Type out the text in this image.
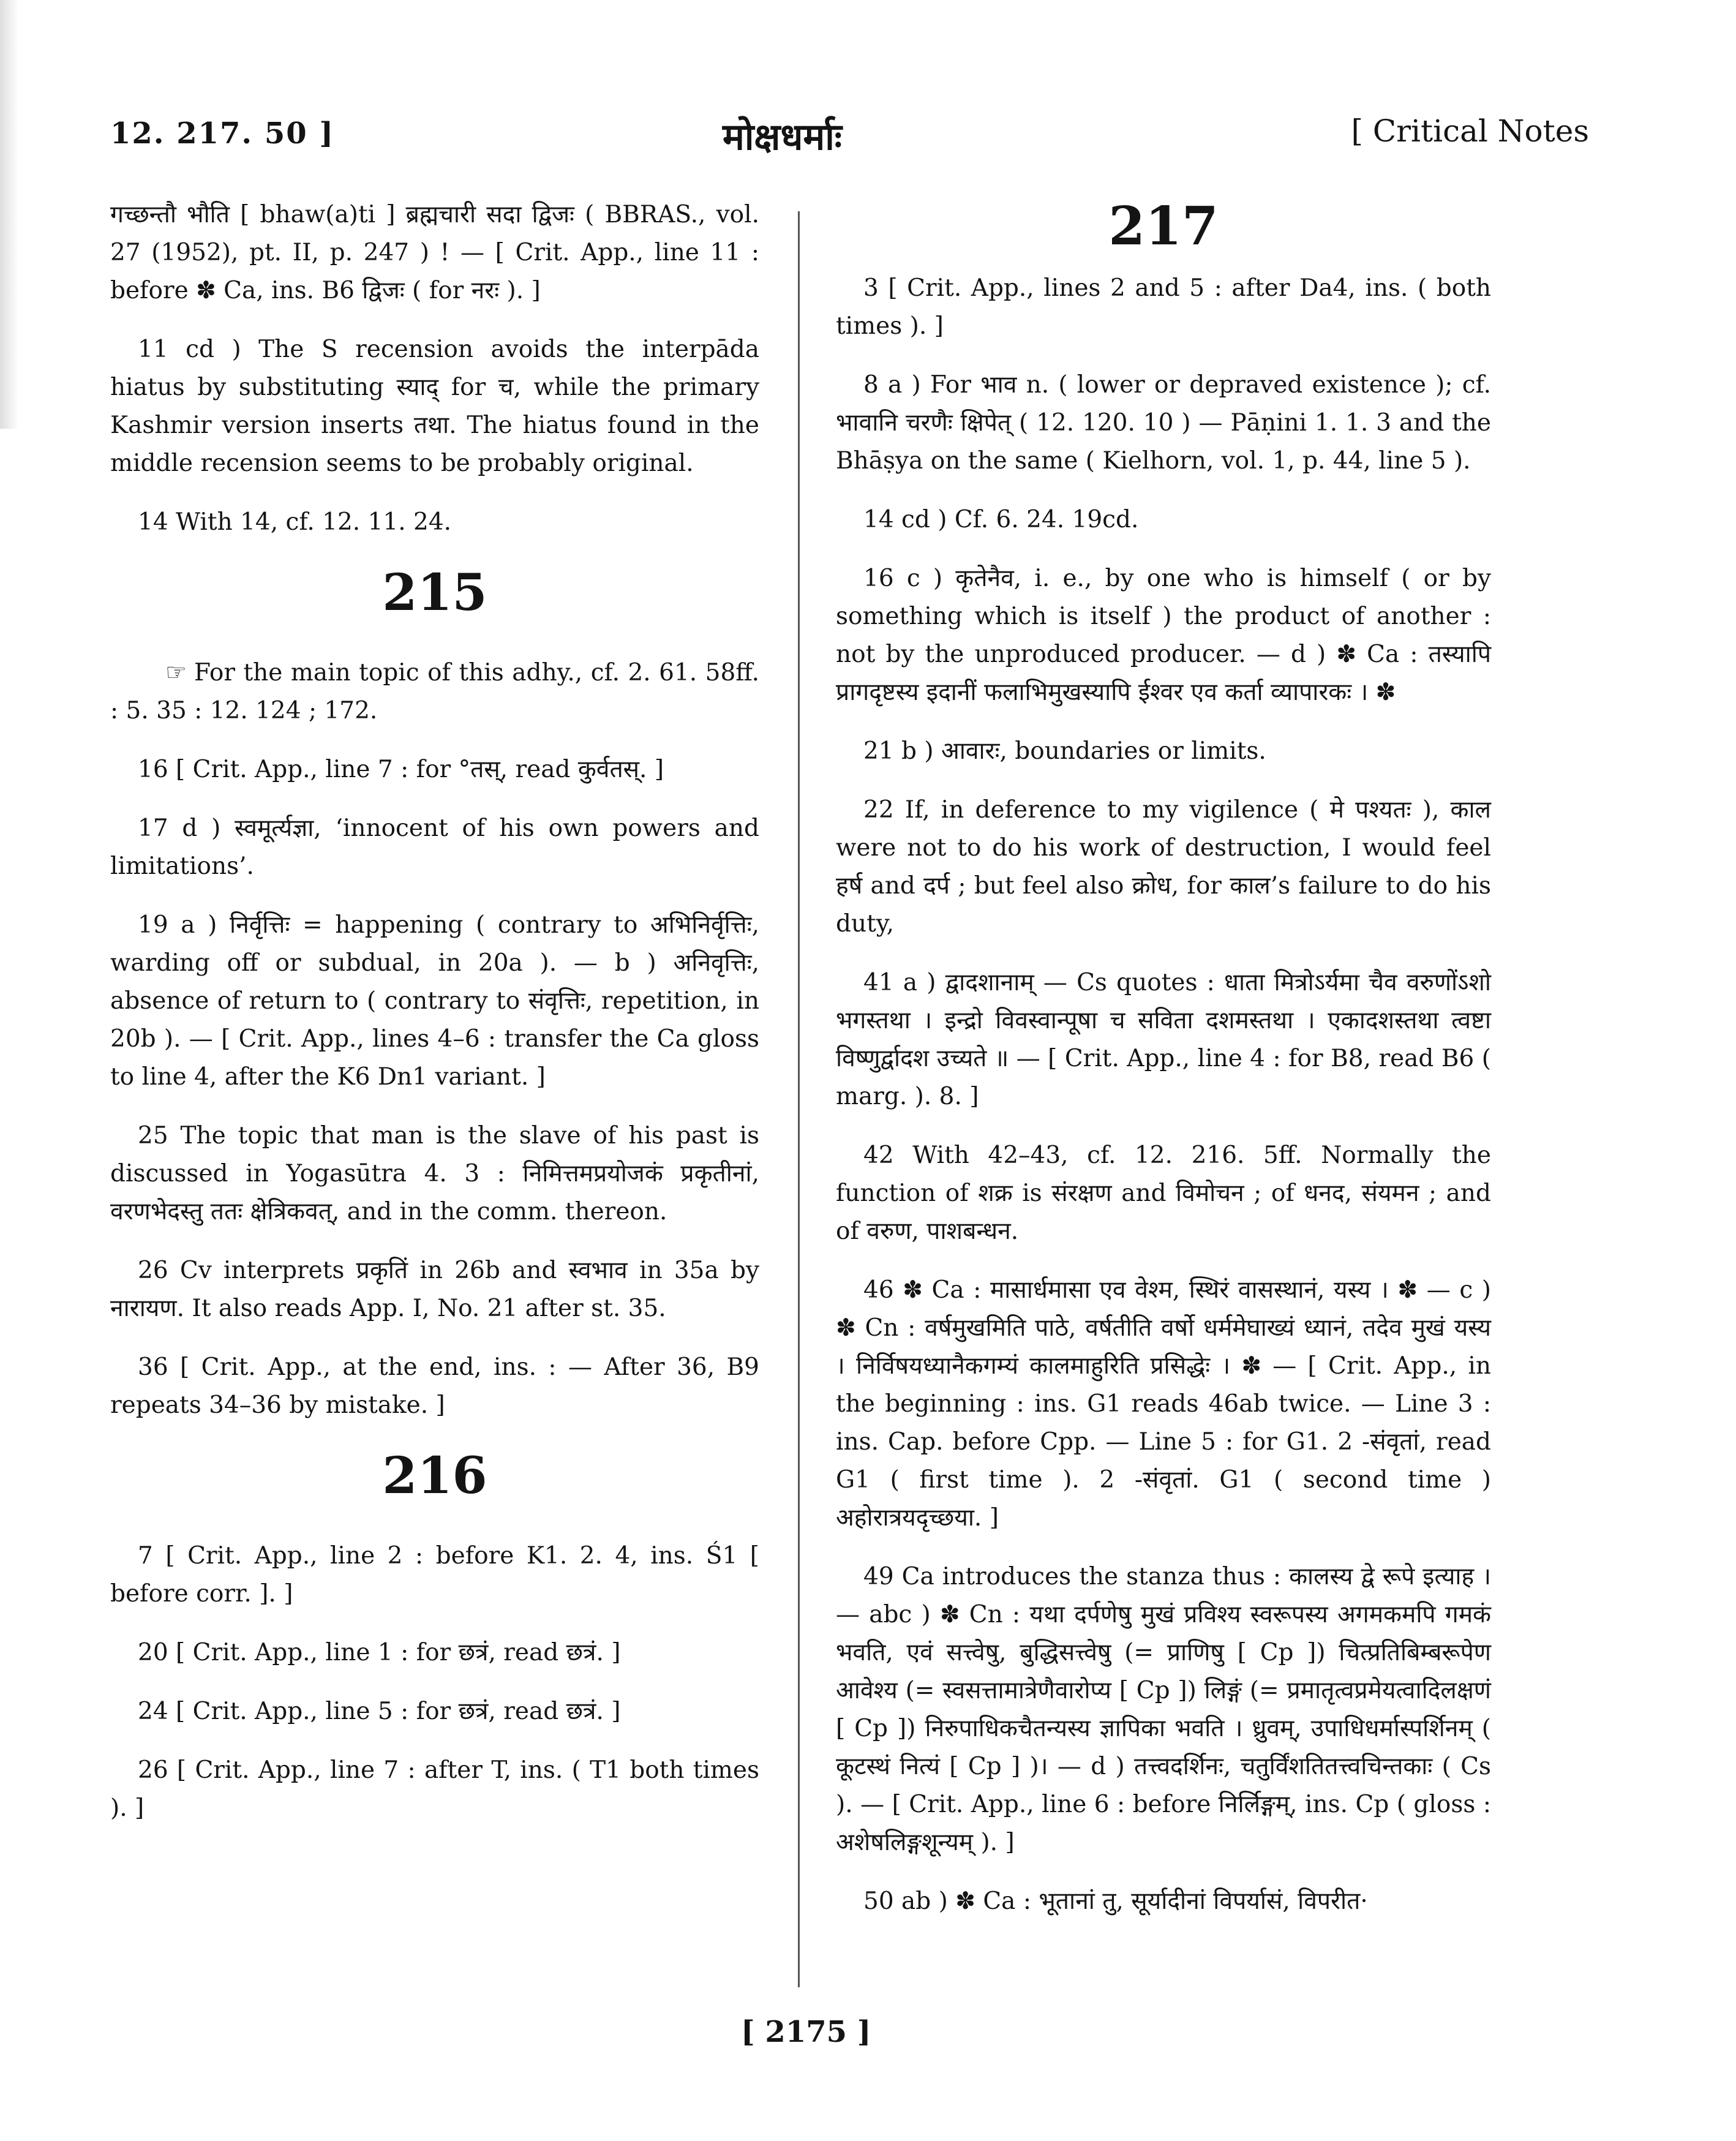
12. 217. 50 ]	मोक्षधर्माः	[ Critical Notes

गच्छन्तौ भौति [ bhaw(a)ti ] ब्रह्मचारी सदा द्विजः ( BBRAS., vol. 27 (1952), pt. II, p. 247 ) ! — [ Crit. App., line 11 : before ✽ Ca, ins. B6 द्विजः ( for नरः ). ]

11 cd ) The S recension avoids the interpāda hiatus by substituting स्याद् for च, while the primary Kashmir version inserts तथा. The hiatus found in the middle recension seems to be probably original.

14 With 14, cf. 12. 11. 24.

215

☞ For the main topic of this adhy., cf. 2. 61. 58ff. : 5. 35 : 12. 124 ; 172.

16 [ Crit. App., line 7 : for °तस्, read कुर्वतस्. ]

17 d ) स्वमूर्त्यज्ञा, ‘innocent of his own powers and limitations’.

19 a ) निर्वृत्तिः = happening ( contrary to अभिनिर्वृत्तिः, warding off or subdual, in 20a ). — b ) अनिवृत्तिः, absence of return to ( contrary to संवृत्तिः, repetition, in 20b ). — [ Crit. App., lines 4–6 : transfer the Ca gloss to line 4, after the K6 Dn1 variant. ]

25 The topic that man is the slave of his past is discussed in Yogasūtra 4. 3 : निमित्तमप्रयोजकं प्रकृतीनां, वरणभेदस्तु ततः क्षेत्रिकवत्, and in the comm. thereon.

26 Cv interprets प्रकृतिं in 26b and स्वभाव in 35a by नारायण. It also reads App. I, No. 21 after st. 35.

36 [ Crit. App., at the end, ins. : — After 36, B9 repeats 34–36 by mistake. ]

216

7 [ Crit. App., line 2 : before K1. 2. 4, ins. Ś1 [ before corr. ]. ]

20 [ Crit. App., line 1 : for छत्रं, read छत्रं. ]

24 [ Crit. App., line 5 : for छत्रं, read छत्रं. ]

26 [ Crit. App., line 7 : after T, ins. ( T1 both times ). ]

217

3 [ Crit. App., lines 2 and 5 : after Da4, ins. ( both times ). ]

8 a ) For भाव n. ( lower or depraved existence ); cf. भावानि चरणैः क्षिपेत् ( 12. 120. 10 ) — Pāṇini 1. 1. 3 and the Bhāṣya on the same ( Kielhorn, vol. 1, p. 44, line 5 ).

14 cd ) Cf. 6. 24. 19cd.

16 c ) कृतेनैव, i. e., by one who is himself ( or by something which is itself ) the product of another : not by the unproduced producer. — d ) ✽ Ca : तस्यापि प्रागदृष्टस्य इदानीं फलाभिमुखस्यापि ईश्वर एव कर्ता व्यापारकः । ✽

21 b ) आवारः, boundaries or limits.

22 If, in deference to my vigilence ( मे पश्यतः ), काल were not to do his work of destruction, I would feel हर्ष and दर्प ; but feel also क्रोध, for काल’s failure to do his duty,

41 a ) द्वादशानाम् — Cs quotes : धाता मित्रोऽर्यमा चैव वरुणोंऽशो भगस्तथा । इन्द्रो विवस्वान्पूषा च सविता दशमस्तथा । एकादशस्तथा त्वष्टा विष्णुर्द्वादश उच्यते ॥ — [ Crit. App., line 4 : for B8, read B6 ( marg. ). 8. ]

42 With 42–43, cf. 12. 216. 5ff. Normally the function of शक्र is संरक्षण and विमोचन ; of धनद, संयमन ; and of वरुण, पाशबन्धन.

46 ✽ Ca : मासार्धमासा एव वेश्म, स्थिरं वासस्थानं, यस्य । ✽ — c ) ✽ Cn : वर्षमुखमिति पाठे, वर्षतीति वर्षो धर्ममेघाख्यं ध्यानं, तदेव मुखं यस्य । निर्विषयध्यानैकगम्यं कालमाहुरिति प्रसिद्धेः । ✽ — [ Crit. App., in the beginning : ins. G1 reads 46ab twice. — Line 3 : ins. Cap. before Cpp. — Line 5 : for G1. 2 -संवृतां, read G1 ( first time ). 2 -संवृतां. G1 ( second time ) अहोरात्रयदृच्छया. ]

49 Ca introduces the stanza thus : कालस्य द्वे रूपे इत्याह । — abc ) ✽ Cn : यथा दर्पणेषु मुखं प्रविश्य स्वरूपस्य अगमकमपि गमकं भवति, एवं सत्त्वेषु, बुद्धिसत्त्वेषु (= प्राणिषु [ Cp ]) चित्प्रतिबिम्बरूपेण आवेश्य (= स्वसत्तामात्रेणैवारोप्य [ Cp ]) लिङ्गं (= प्रमातृत्वप्रमेयत्वादिलक्षणं [ Cp ]) निरुपाधिकचैतन्यस्य ज्ञापिका भवति । ध्रुवम्, उपाधिधर्मास्पर्शिनम् ( कूटस्थं नित्यं [ Cp ] )। — d ) तत्त्वदर्शिनः, चतुर्विंशतितत्त्वचिन्तकाः ( Cs ). — [ Crit. App., line 6 : before निर्लिङ्गम्, ins. Cp ( gloss : अशेषलिङ्गशून्यम् ). ]

50 ab ) ✽ Ca : भूतानां तु, सूर्यादीनां विपर्यासं, विपरीत·

[ 2175 ]
